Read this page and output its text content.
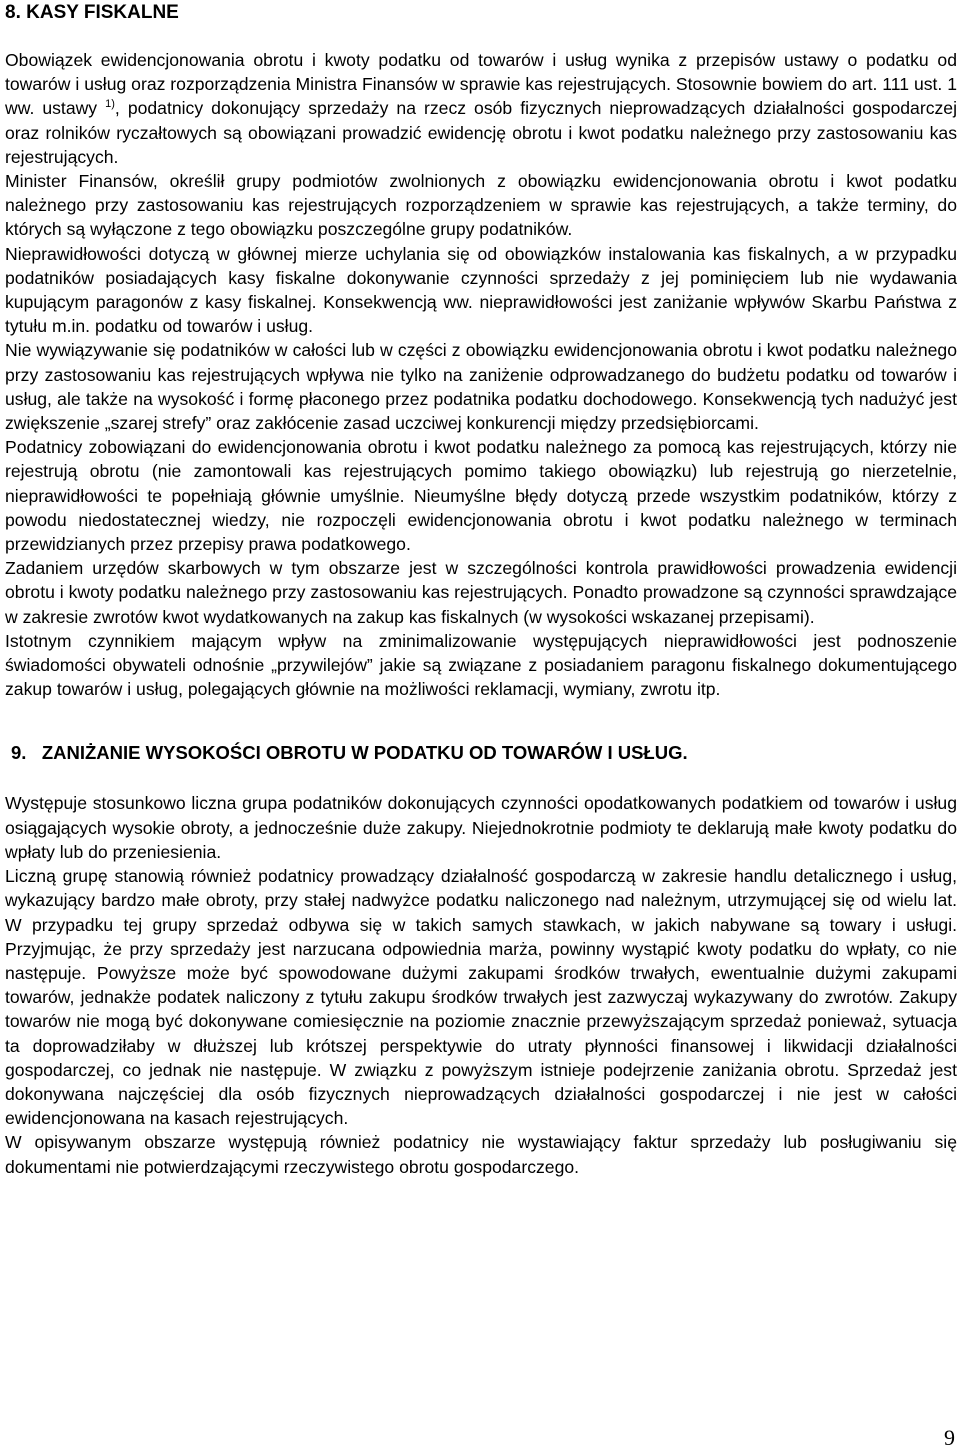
8. KASY FISKALNE

Obowiązek ewidencjonowania obrotu i kwoty podatku od towarów i usług wynika z przepisów ustawy o podatku od towarów i usług oraz rozporządzenia Ministra Finansów w sprawie kas rejestrujących. Stosownie bowiem do art. 111 ust. 1 ww. ustawy $^{1)}$, podatnicy dokonujący sprzedaży na rzecz osób fizycznych nieprowadzących działalności gospodarczej oraz rolników ryczałtowych są obowiązani prowadzić ewidencję obrotu i kwot podatku należnego przy zastosowaniu kas rejestrujących.

Minister Finansów, określił grupy podmiotów zwolnionych z obowiązku ewidencjonowania obrotu i kwot podatku należnego przy zastosowaniu kas rejestrujących rozporządzeniem w sprawie kas rejestrujących, a także terminy, do których są wyłączone z tego obowiązku poszczególne grupy podatników.

Nieprawidłowości dotyczą w głównej mierze uchylania się od obowiązków instalowania kas fiskalnych, a w przypadku podatników posiadających kasy fiskalne dokonywanie czynności sprzedaży z jej pominięciem lub nie wydawania kupującym paragonów z kasy fiskalnej. Konsekwencją ww. nieprawidłowości jest zaniżanie wpływów Skarbu Państwa z tytułu m.in. podatku od towarów i usług.

Nie wywiązywanie się podatników w całości lub w części z obowiązku ewidencjonowania obrotu i kwot podatku należnego przy zastosowaniu kas rejestrujących wpływa nie tylko na zaniżenie odprowadzanego do budżetu podatku od towarów i usług, ale także na wysokość i formę płaconego przez podatnika podatku dochodowego. Konsekwencją tych nadużyć jest zwiększenie „szarej strefy” oraz zakłócenie zasad uczciwej konkurencji między przedsiębiorcami.

Podatnicy zobowiązani do ewidencjonowania obrotu i kwot podatku należnego za pomocą kas rejestrujących, którzy nie rejestrują obrotu (nie zamontowali kas rejestrujących pomimo takiego obowiązku) lub rejestrują go nierzetelnie, nieprawidłowości te popełniają głównie umyślnie. Nieumyślne błędy dotyczą przede wszystkim podatników, którzy z powodu niedostatecznej wiedzy, nie rozpoczęli ewidencjonowania obrotu i kwot podatku należnego w terminach przewidzianych przez przepisy prawa podatkowego.

Zadaniem urzędów skarbowych w tym obszarze jest w szczególności kontrola prawidłowości prowadzenia ewidencji obrotu i kwoty podatku należnego przy zastosowaniu kas rejestrujących. Ponadto prowadzone są czynności sprawdzające w zakresie zwrotów kwot wydatkowanych na zakup kas fiskalnych (w wysokości wskazanej przepisami).

Istotnym czynnikiem mającym wpływ na zminimalizowanie występujących nieprawidłowości jest podnoszenie świadomości obywateli odnośnie „przywilejów” jakie są związane z posiadaniem paragonu fiskalnego dokumentującego zakup towarów i usług, polegających głównie na możliwości reklamacji, wymiany, zwrotu itp.

9.   ZANIŻANIE WYSOKOŚCI OBROTU W PODATKU OD TOWARÓW I USŁUG.

Występuje stosunkowo liczna grupa podatników dokonujących czynności opodatkowanych podatkiem od towarów i usług osiągających wysokie obroty, a jednocześnie duże zakupy. Niejednokrotnie podmioty te deklarują małe kwoty podatku do wpłaty lub do przeniesienia.

Liczną grupę stanowią również podatnicy prowadzący działalność gospodarczą w zakresie handlu detalicznego i usług, wykazujący bardzo małe obroty, przy stałej nadwyżce podatku naliczonego nad należnym, utrzymującej się od wielu lat. W przypadku tej grupy sprzedaż odbywa się w takich samych stawkach, w jakich nabywane są towary i usługi. Przyjmując, że przy sprzedaży jest narzucana odpowiednia marża, powinny wystąpić kwoty podatku do wpłaty, co nie następuje. Powyższe może być spowodowane dużymi zakupami środków trwałych, ewentualnie dużymi zakupami towarów, jednakże podatek naliczony z tytułu zakupu środków trwałych jest zazwyczaj wykazywany do zwrotów. Zakupy towarów nie mogą być dokonywane comiesięcznie na poziomie znacznie przewyższającym sprzedaż ponieważ, sytuacja ta doprowadziłaby w dłuższej lub krótszej perspektywie do utraty płynności finansowej i likwidacji działalności gospodarczej, co jednak nie następuje. W związku z powyższym istnieje podejrzenie zaniżania obrotu. Sprzedaż jest dokonywana najczęściej dla osób fizycznych nieprowadzących działalności gospodarczej i nie jest w całości ewidencjonowana na kasach rejestrujących.

W opisywanym obszarze występują również podatnicy nie wystawiający faktur sprzedaży lub posługiwaniu się dokumentami nie potwierdzającymi rzeczywistego obrotu gospodarczego.

9
